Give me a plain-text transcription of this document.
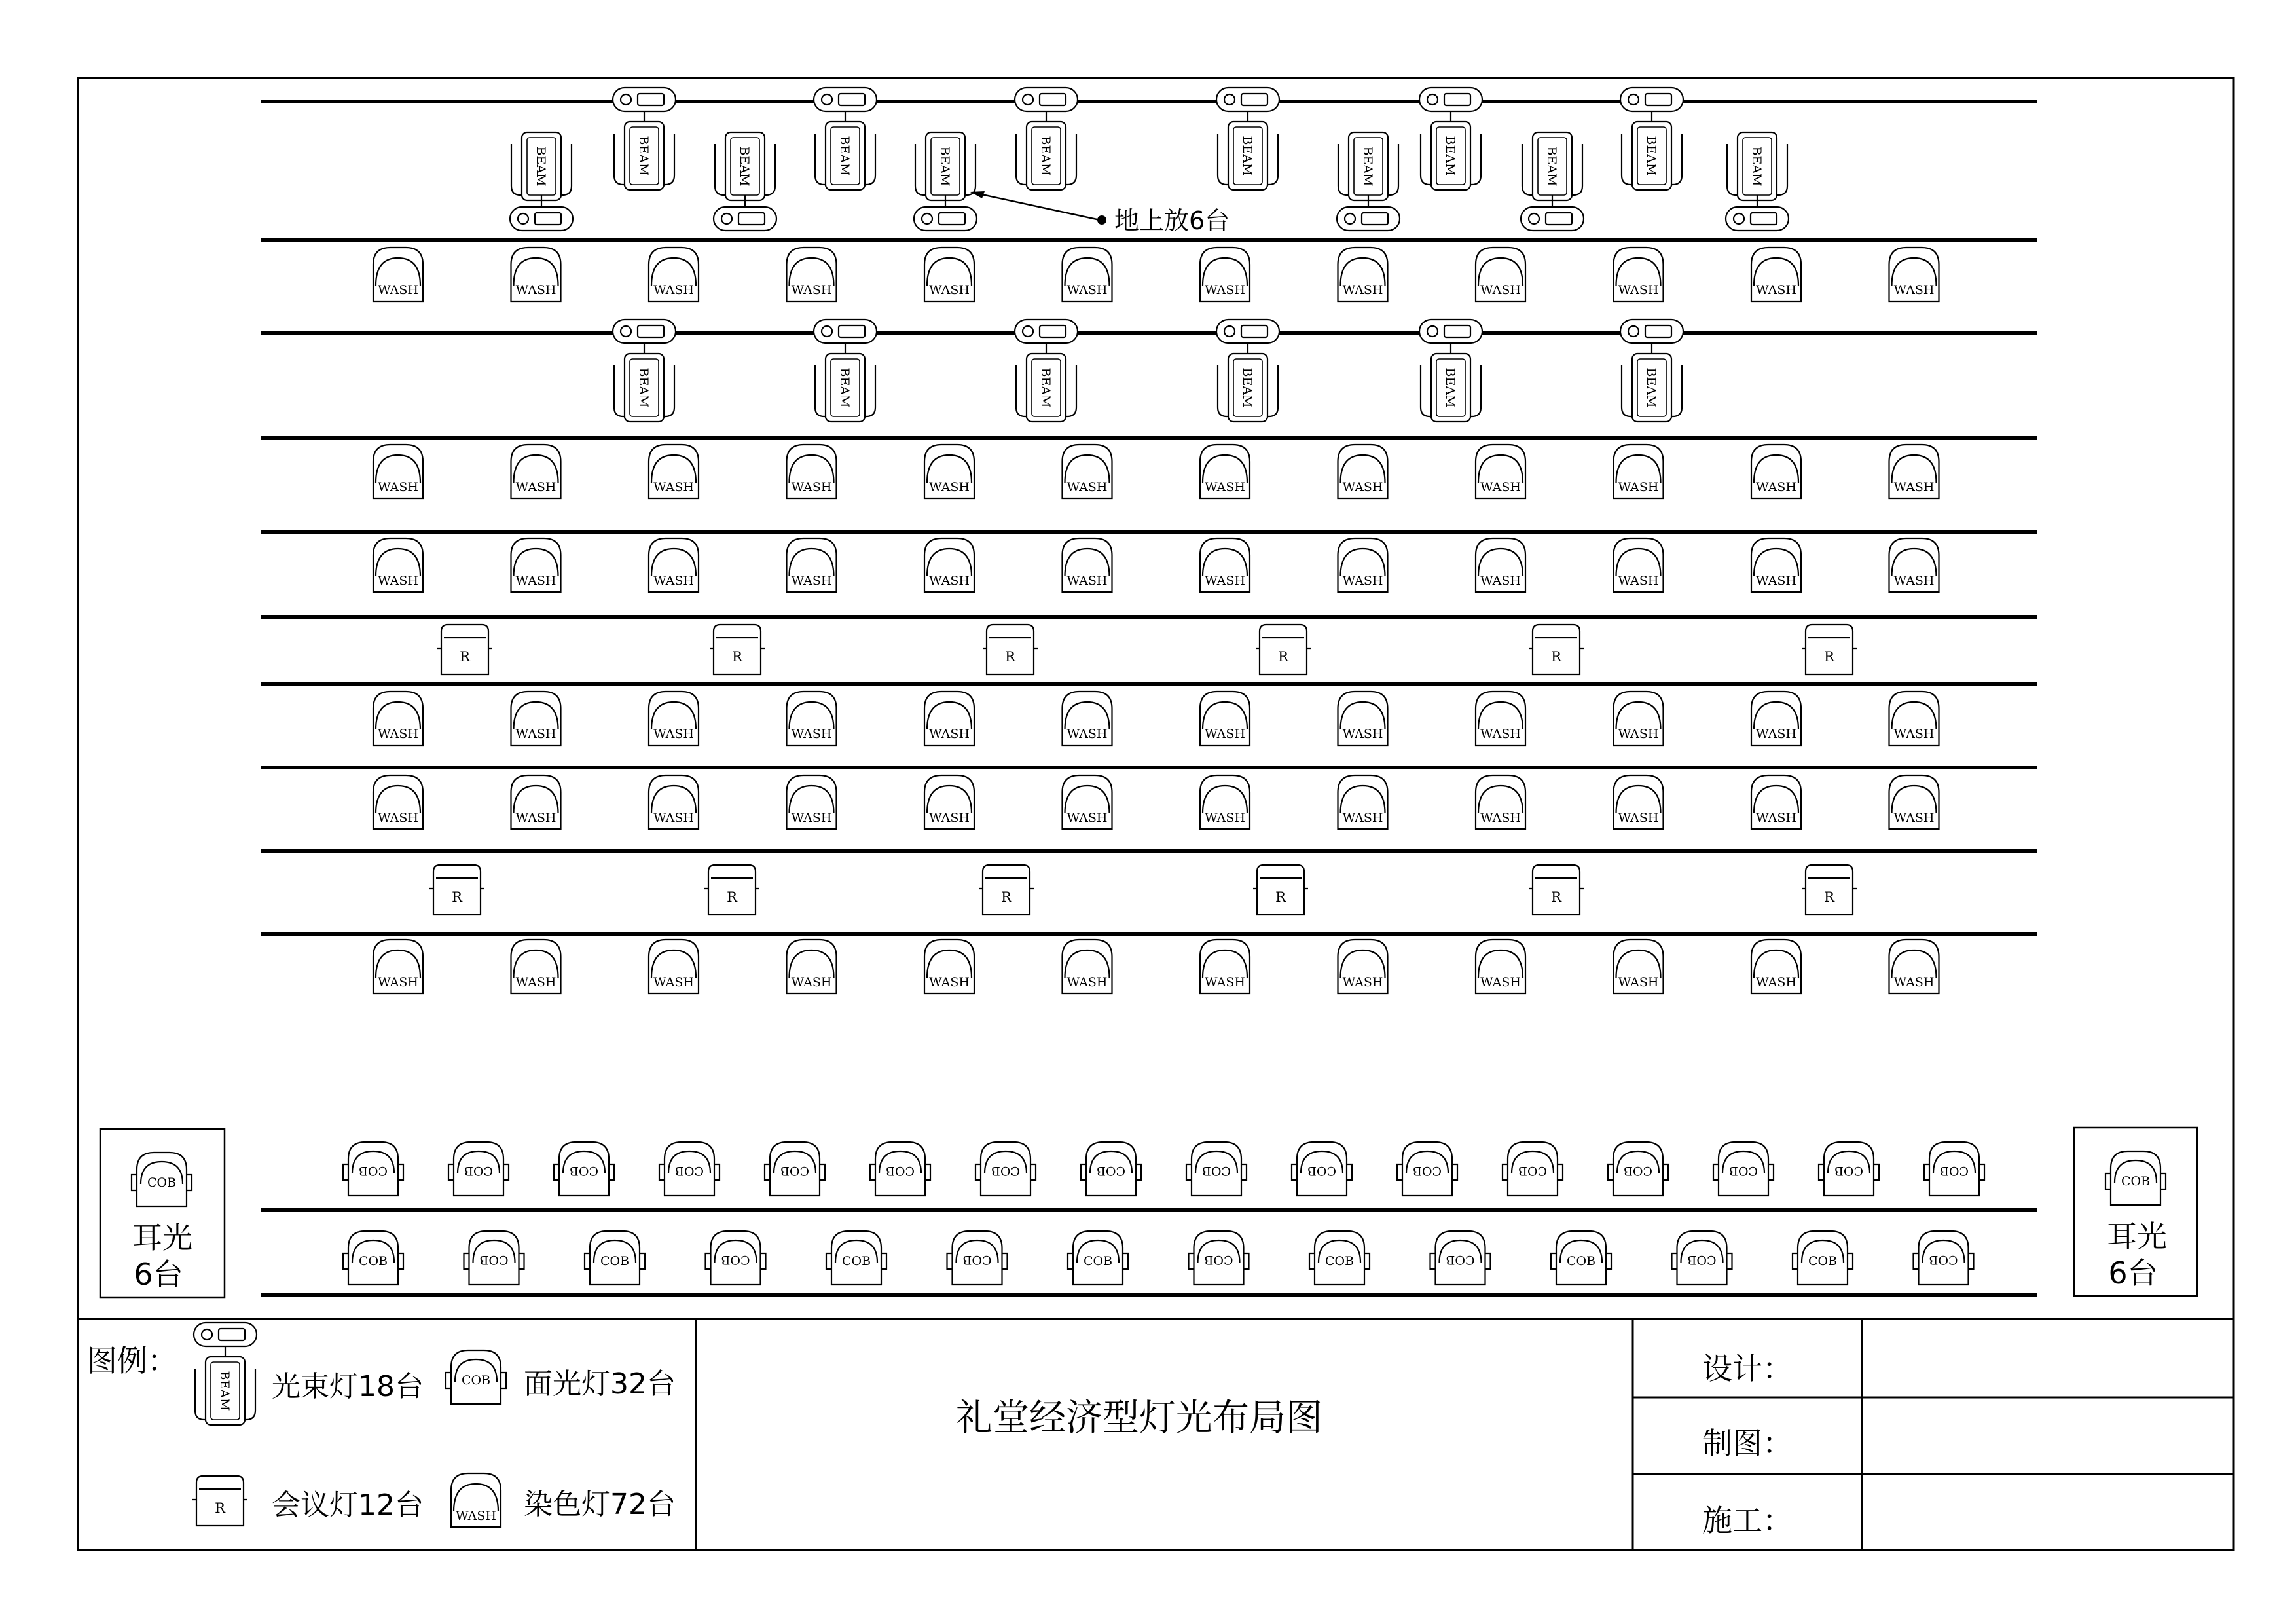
BEAM	BEAM	BEAM	BEAM	BEAM	BEAM	BEAM	BEAM	BEAM	BEAM	BEAM	BEAM
WASH	WASH	WASH	WASH	WASH	WASH	WASH	WASH	WASH	WASH	WASH	WASH
BEAM	BEAM	BEAM	BEAM	BEAM	BEAM
WASH	WASH	WASH	WASH	WASH	WASH	WASH	WASH	WASH	WASH	WASH	WASH
WASH	WASH	WASH	WASH	WASH	WASH	WASH	WASH	WASH	WASH	WASH	WASH
R	R	R	R	R	R
WASH	WASH	WASH	WASH	WASH	WASH	WASH	WASH	WASH	WASH	WASH	WASH
WASH	WASH	WASH	WASH	WASH	WASH	WASH	WASH	WASH	WASH	WASH	WASH
R	R	R	R	R	R
WASH	WASH	WASH	WASH	WASH	WASH	WASH	WASH	WASH	WASH	WASH	WASH
COB	COB	COB	COB	COB	COB	COB	COB	COB	COB	COB	COB	COB	COB	COB	COB
COB	COB	COB	COB	COB	COB	COB	COB	COB	COB	COB	COB	COB	COB
地上放6台
COB
耳光
6台
COB
耳光
6台
图例：
BEAM	COB
R	WASH
光束灯18台	面光灯32台
会议灯12台	染色灯72台
礼堂经济型灯光布局图
设计：
制图：
施工：
